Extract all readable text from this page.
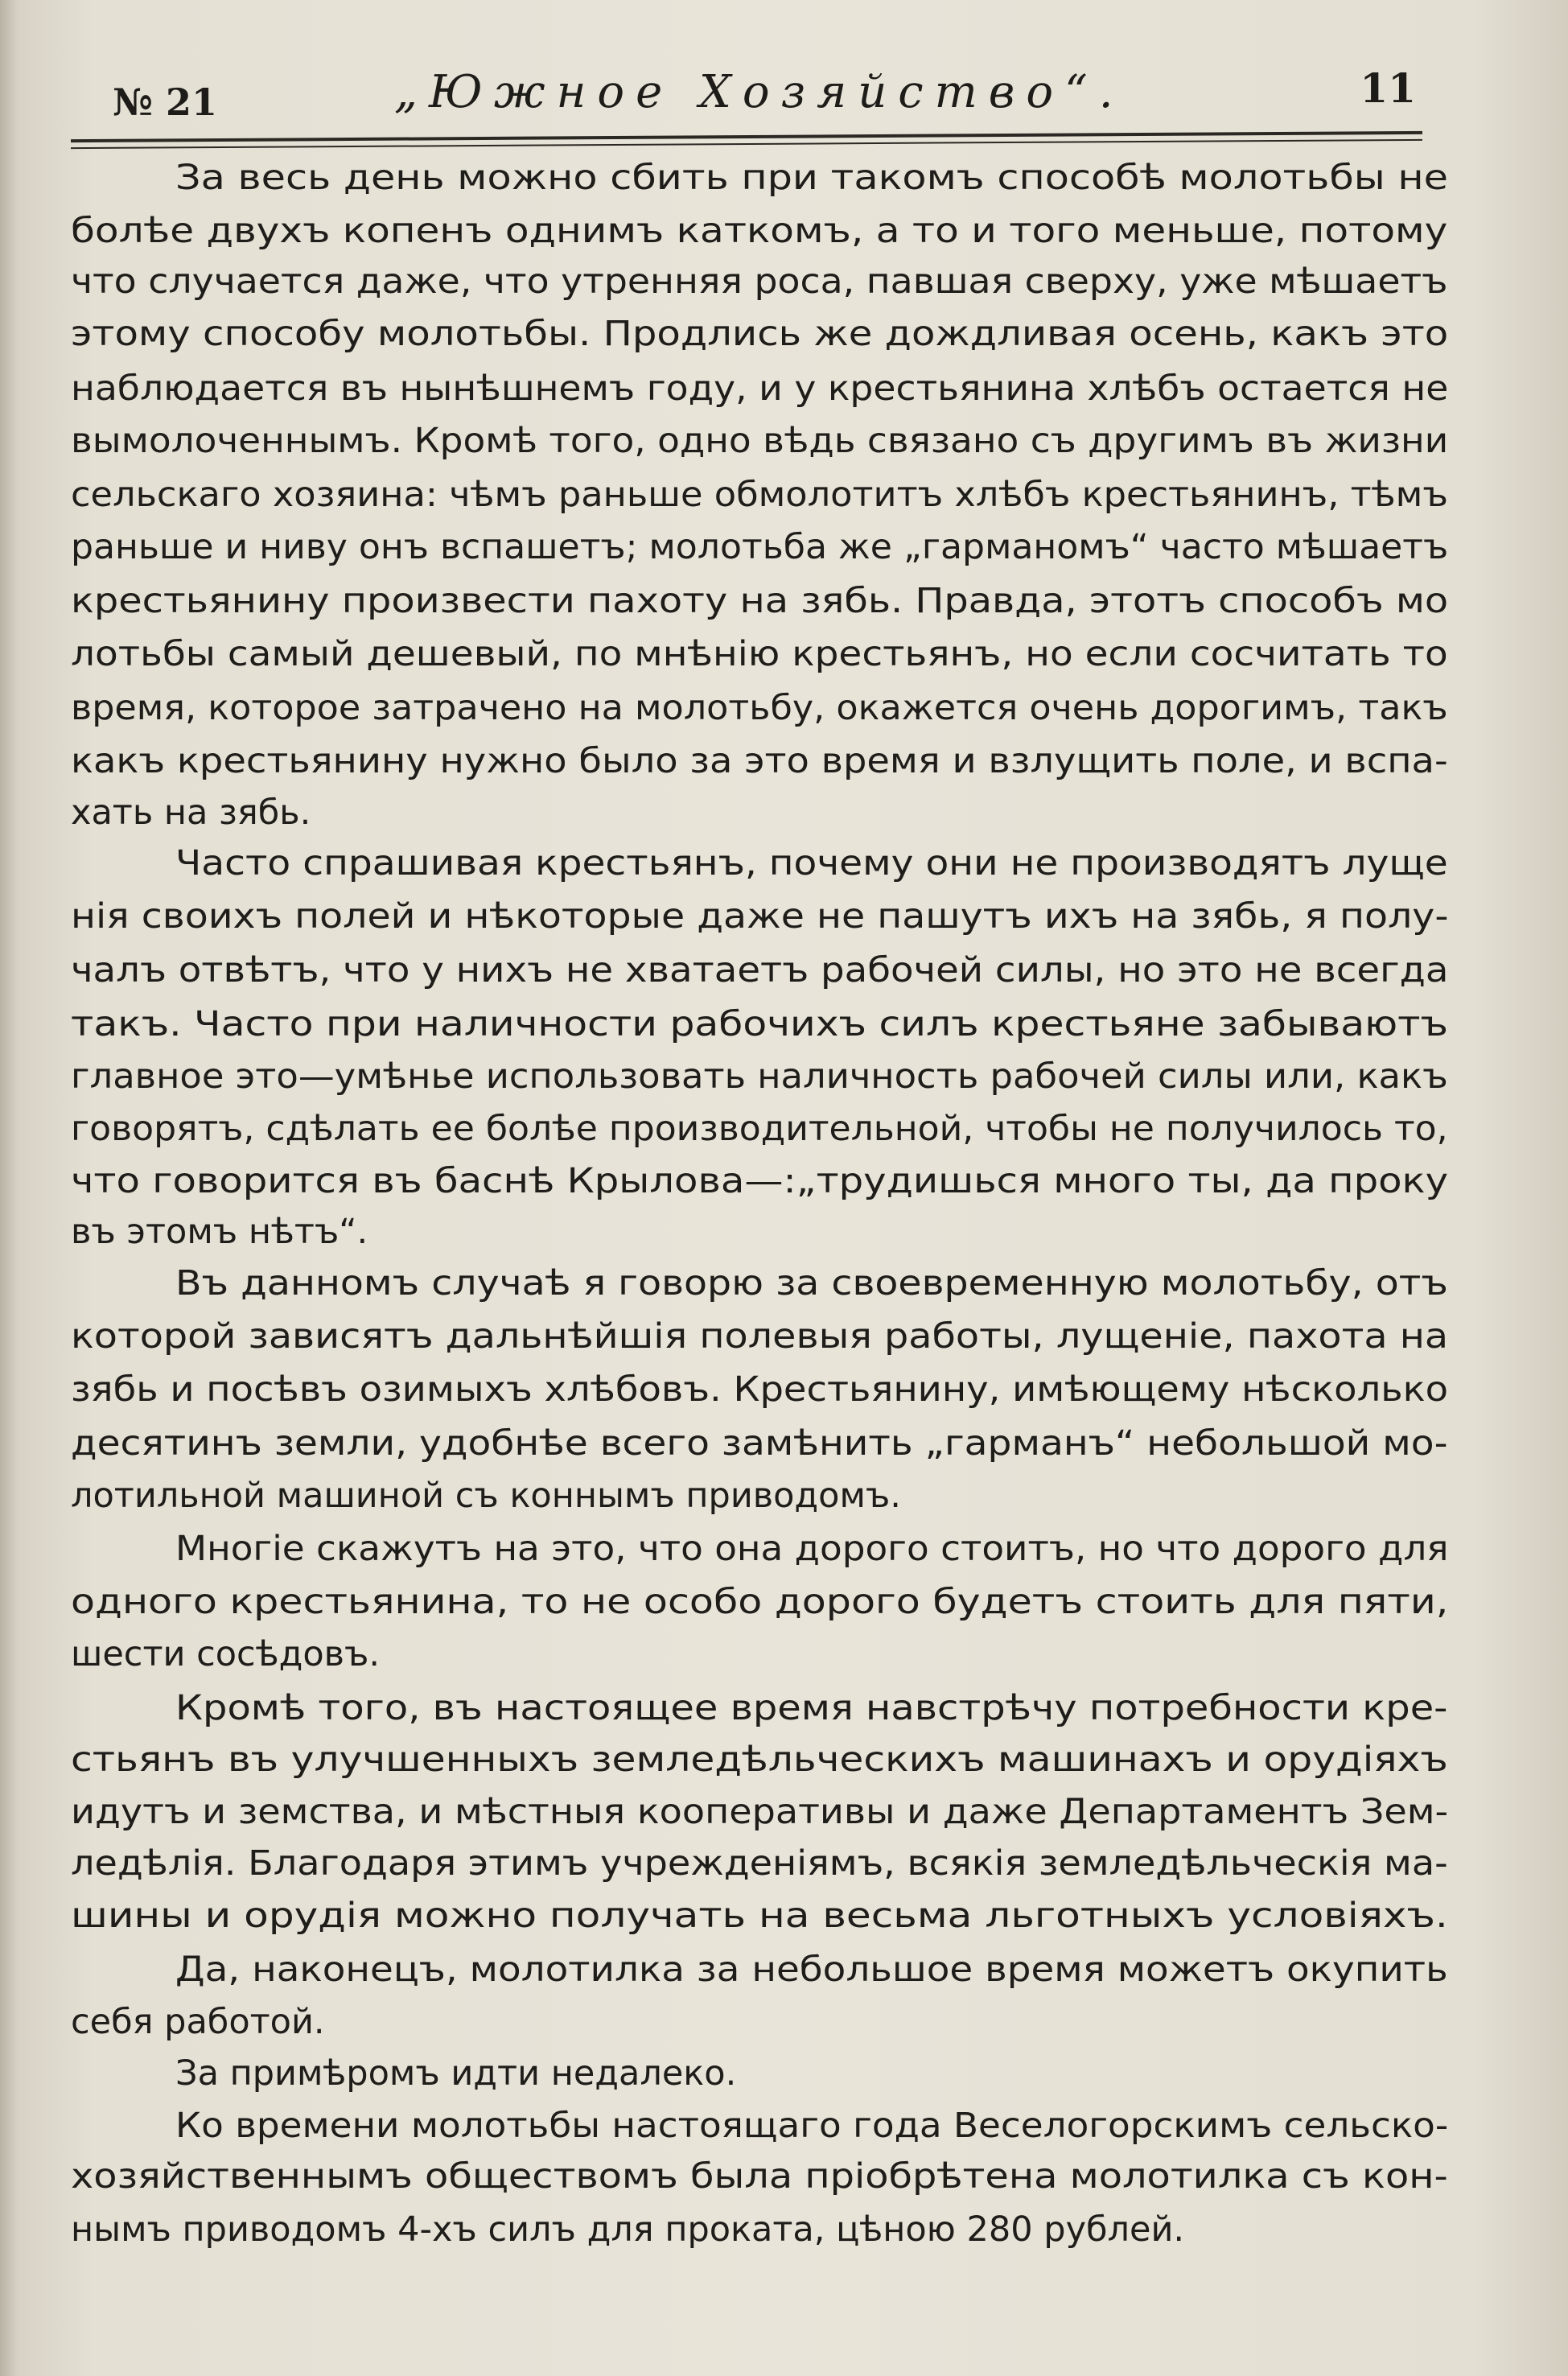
№ 21	„Южное Хозяйство“.	11
За весь день можно сбить при такомъ способѣ молотьбы не
болѣе двухъ копенъ однимъ каткомъ, а то и того меньше, потому
что случается даже, что утренняя роса, павшая сверху, уже мѣшаетъ
этому способу молотьбы. Продлись же дождливая осень, какъ это
наблюдается въ нынѣшнемъ году, и у крестьянина хлѣбъ остается не
вымолоченнымъ. Кромѣ того, одно вѣдь связано съ другимъ въ жизни
сельскаго хозяина: чѣмъ раньше обмолотитъ хлѣбъ крестьянинъ, тѣмъ
раньше и ниву онъ вспашетъ; молотьба же „гарманомъ“ часто мѣшаетъ
крестьянину произвести пахоту на зябь. Правда, этотъ способъ мо
лотьбы самый дешевый, по мнѣнію крестьянъ, но если сосчитать то
время, которое затрачено на молотьбу, окажется очень дорогимъ, такъ
какъ крестьянину нужно было за это время и взлущить поле, и вспа-
хать на зябь.
Часто спрашивая крестьянъ, почему они не производятъ луще
нія своихъ полей и нѣкоторые даже не пашутъ ихъ на зябь, я полу-
чалъ отвѣтъ, что у нихъ не хватаетъ рабочей силы, но это не всегда
такъ. Часто при наличности рабочихъ силъ крестьяне забываютъ
главное это—умѣнье использовать наличность рабочей силы или, какъ
говорятъ, сдѣлать ее болѣе производительной, чтобы не получилось то,
что говорится въ баснѣ Крылова—:„трудишься много ты, да проку
въ этомъ нѣтъ“.
Въ данномъ случаѣ я говорю за своевременную молотьбу, отъ
которой зависятъ дальнѣйшія полевыя работы, лущеніе, пахота на
зябь и посѣвъ озимыхъ хлѣбовъ. Крестьянину, имѣющему нѣсколько
десятинъ земли, удобнѣе всего замѣнить „гарманъ“ небольшой мо-
лотильной машиной съ коннымъ приводомъ.
Многіе скажутъ на это, что она дорого стоитъ, но что дорого для
одного крестьянина, то не особо дорого будетъ стоить для пяти,
шести сосѣдовъ.
Кромѣ того, въ настоящее время навстрѣчу потребности кре-
стьянъ въ улучшенныхъ земледѣльческихъ машинахъ и орудіяхъ
идутъ и земства, и мѣстныя кооперативы и даже Департаментъ Зем-
ледѣлія. Благодаря этимъ учрежденіямъ, всякія земледѣльческія ма-
шины и орудія можно получать на весьма льготныхъ условіяхъ.
Да, наконецъ, молотилка за небольшое время можетъ окупить
себя работой.
За примѣромъ идти недалеко.
Ко времени молотьбы настоящаго года Веселогорскимъ сельско-
хозяйственнымъ обществомъ была пріобрѣтена молотилка съ кон-
нымъ приводомъ 4-хъ силъ для проката, цѣною 280 рублей.
